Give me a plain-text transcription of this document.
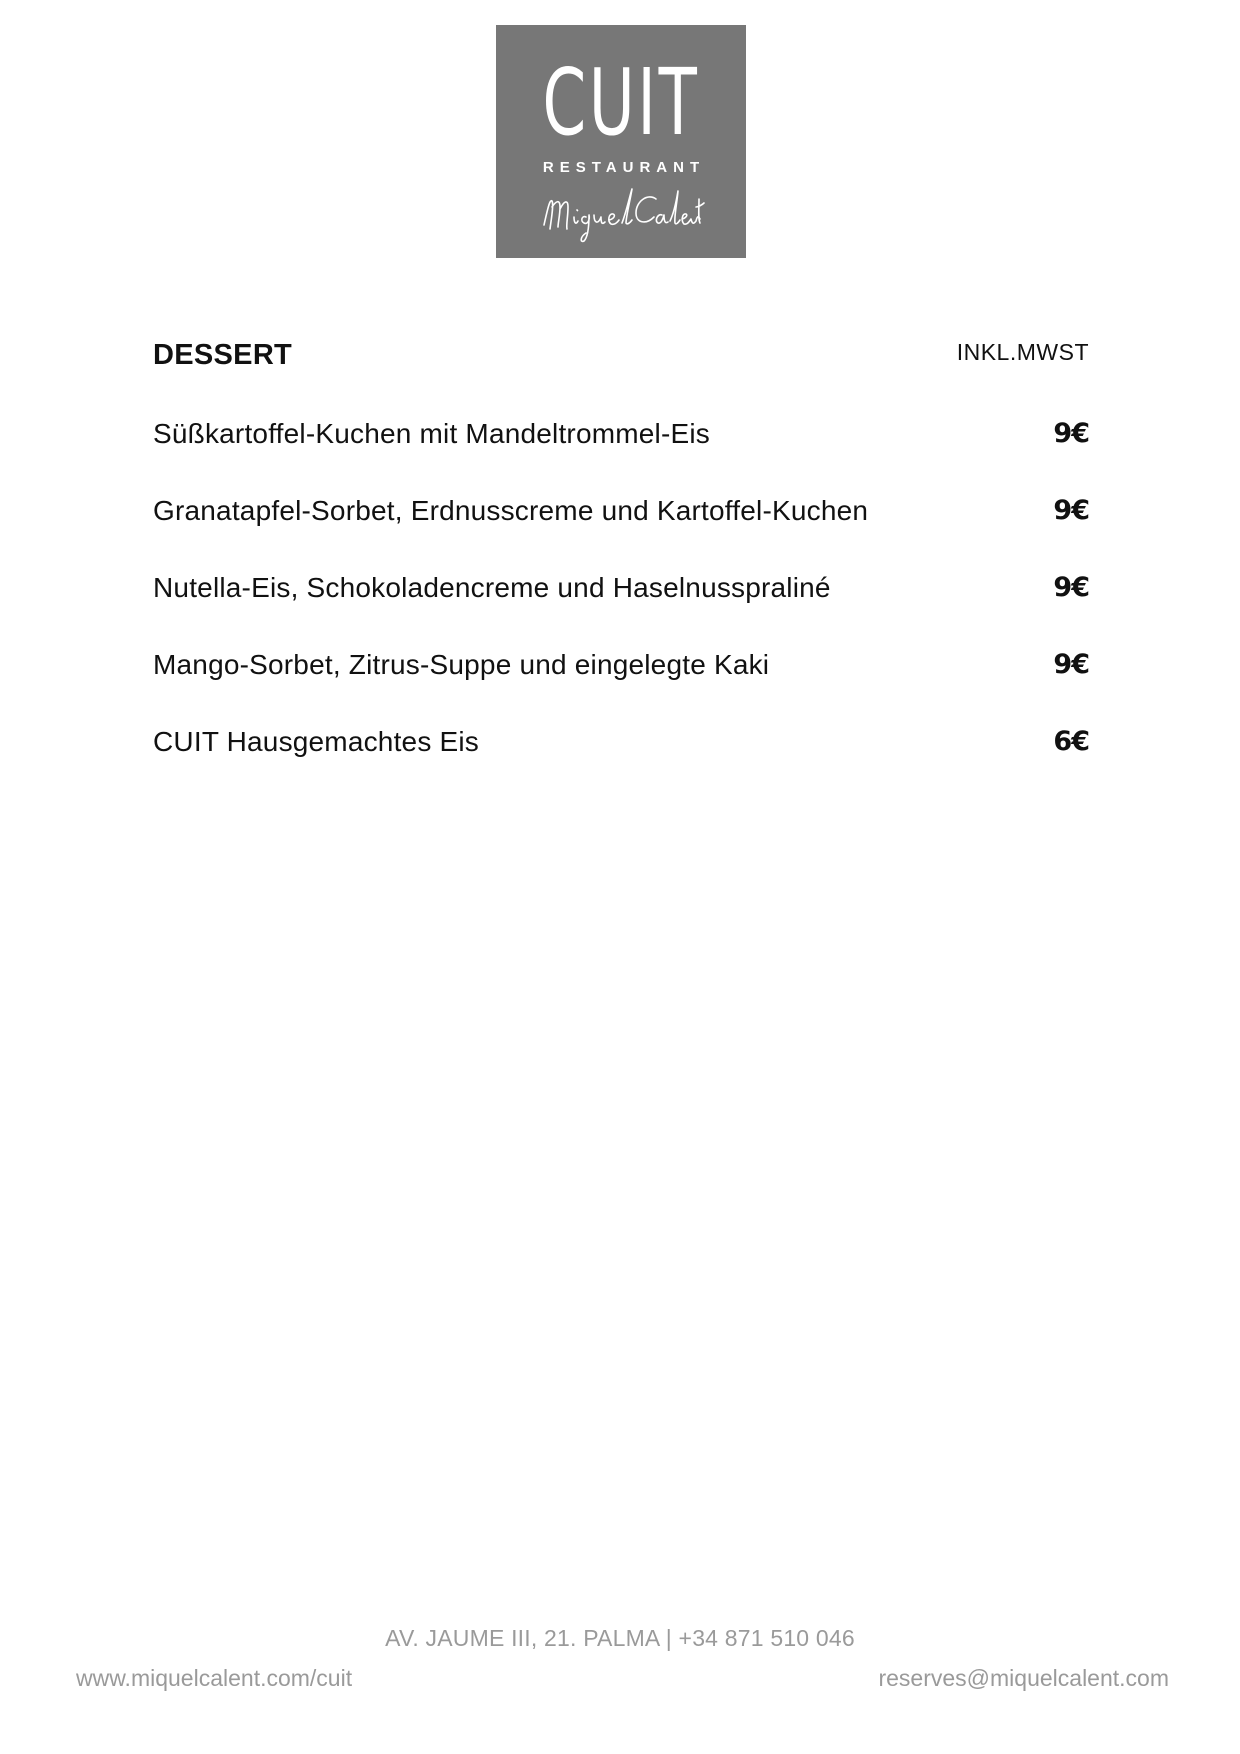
CUIT
RESTAURANT
DESSERT	INKL.MWST
Süßkartoffel-Kuchen mit Mandeltrommel-Eis	9€
Granatapfel-Sorbet, Erdnusscreme und Kartoffel-Kuchen	9€
Nutella-Eis, Schokoladencreme und Haselnusspraliné	9€
Mango-Sorbet, Zitrus-Suppe und eingelegte Kaki	9€
CUIT Hausgemachtes Eis	6€
AV. JAUME III, 21. PALMA | +34 871 510 046
www.miquelcalent.com/cuit	reserves@miquelcalent.com
